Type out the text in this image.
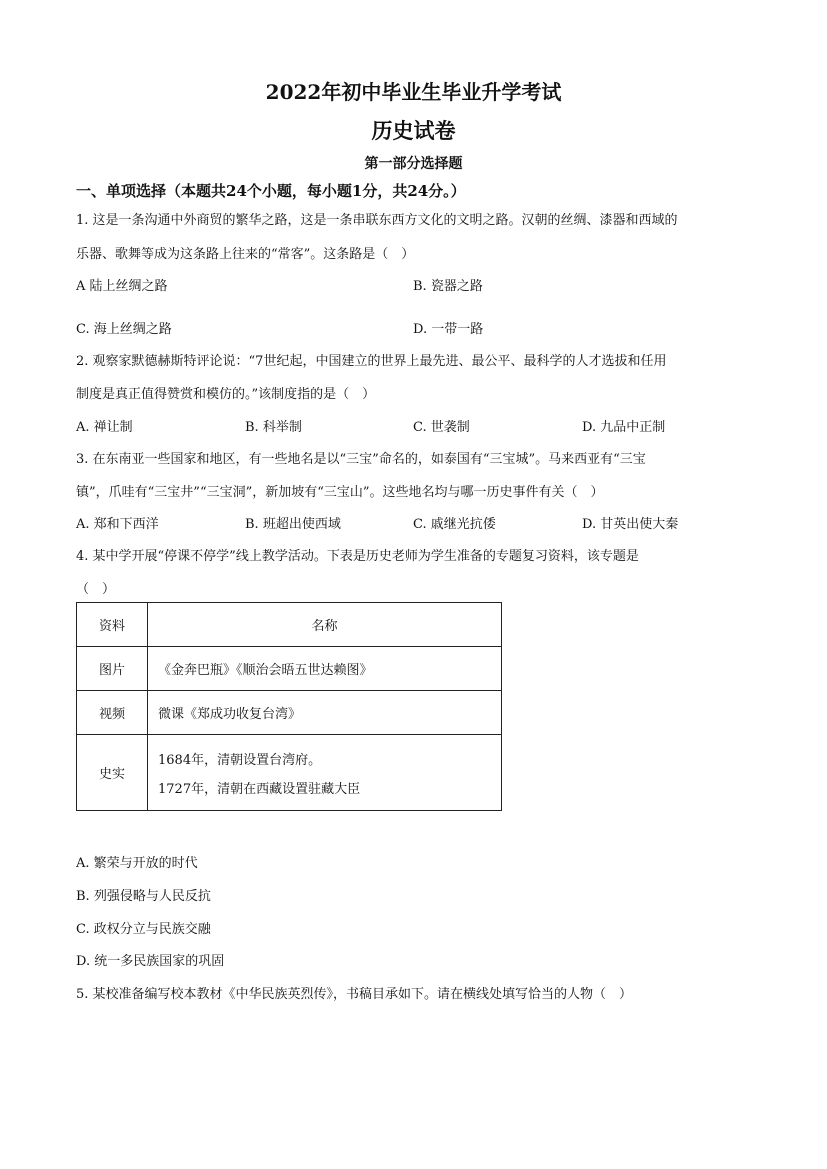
2022年初中毕业生毕业升学考试
历史试卷
第一部分选择题
一、单项选择（本题共24个小题，每小题1分，共24分。）
1. 这是一条沟通中外商贸的繁华之路，这是一条串联东西方文化的文明之路。汉朝的丝绸、漆器和西域的
乐器、歌舞等成为这条路上往来的“常客”。这条路是（　）
A 陆上丝绸之路	B. 瓷器之路
C. 海上丝绸之路	D. 一带一路
2. 观察家默德赫斯特评论说：“7世纪起，中国建立的世界上最先进、最公平、最科学的人才选拔和任用
制度是真正值得赞赏和模仿的。”该制度指的是（　）
A. 禅让制	B. 科举制	C. 世袭制	D. 九品中正制
3. 在东南亚一些国家和地区，有一些地名是以“三宝”命名的，如泰国有“三宝城”。马来西亚有“三宝
镇”，爪哇有“三宝井”“三宝洞”，新加坡有“三宝山”。这些地名均与哪一历史事件有关（　）
A. 郑和下西洋	B. 班超出使西域	C. 戚继光抗倭	D. 甘英出使大秦
4. 某中学开展“停课不停学”线上教学活动。下表是历史老师为学生准备的专题复习资料，该专题是
（　）
资料	名称
图片	《金奔巴瓶》《顺治会晤五世达赖图》
视频	微课《郑成功收复台湾》
史实	1684年，清朝设置台湾府。
1727年，清朝在西藏设置驻藏大臣
A. 繁荣与开放的时代
B. 列强侵略与人民反抗
C. 政权分立与民族交融
D. 统一多民族国家的巩固
5. 某校准备编写校本教材《中华民族英烈传》，书稿目承如下。请在横线处填写恰当的人物（　）
